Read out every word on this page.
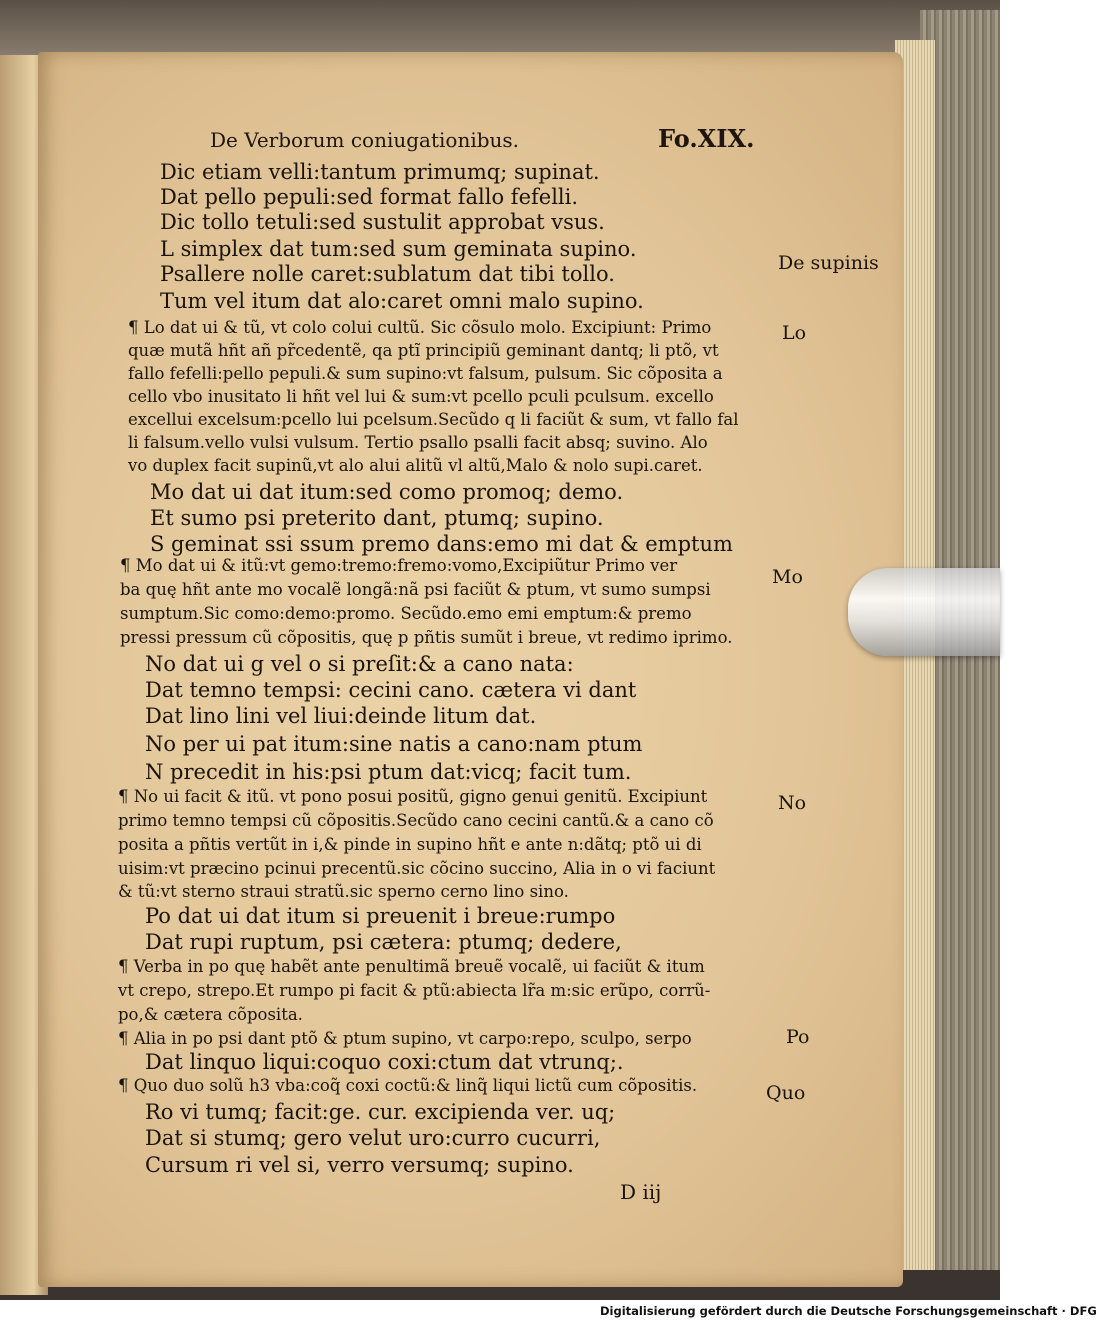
De Verborum coniugationibus.	Fo.XIX.
Dic etiam velli:tantum primumq; supinat.
Dat pello pepuli:sed format fallo fefelli.
Dic tollo tetuli:sed sustulit approbat vsus.
L simplex dat tum:sed sum geminata supino.
Psallere nolle caret:sublatum dat tibi tollo.
Tum vel itum dat alo:caret omni malo supino.
¶ Lo dat ui & tũ, vt colo colui cultũ. Sic cõsulo molo. Excipiunt: Primo
quæ mutã hñt añ pr̃cedentẽ, qa ptĩ principiũ geminant dantq; li ptõ, vt
fallo fefelli:pello pepuli.& sum supino:vt falsum, pulsum. Sic cõposita a
cello vbo inusitato li hñt vel lui & sum:vt pcello pculi pculsum. excello
excellui excelsum:pcello lui pcelsum.Secũdo q li faciũt & sum, vt fallo fal
li falsum.vello vulsi vulsum. Tertio psallo psalli facit absq; suvino. Alo
vo duplex facit supinũ,vt alo alui alitũ vl altũ,Malo & nolo supi.caret.
Mo dat ui dat itum:sed como promoq; demo.
Et sumo psi preterito dant, ptumq; supino.
S geminat ssi ssum premo dans:emo mi dat & emptum
¶ Mo dat ui & itũ:vt gemo:tremo:fremo:vomo,Excipiũtur Primo ver
ba quę hñt ante mo vocalẽ longã:nã psi faciũt & ptum, vt sumo sumpsi
sumptum.Sic como:demo:promo. Secũdo.emo emi emptum:& premo
pressi pressum cũ cõpositis, quę p pñtis sumũt i breue, vt redimo iprimo.
No dat ui g vel o si preſit:& a cano nata:
Dat temno tempsi: cecini cano. cætera vi dant
Dat lino lini vel liui:deinde litum dat.
No per ui pat itum:sine natis a cano:nam ptum
N precedit in his:psi ptum dat:vicq; facit tum.
¶ No ui facit & itũ. vt pono posui positũ, gigno genui genitũ. Excipiunt
primo temno tempsi cũ cõpositis.Secũdo cano cecini cantũ.& a cano cõ
posita a pñtis vertũt in i,& pinde in supino hñt e ante n:dãtq; ptõ ui di
uisim:vt præcino pcinui precentũ.sic cõcino succino, Alia in o vi faciunt
& tũ:vt sterno straui stratũ.sic sperno cerno lino sino.
Po dat ui dat itum si preuenit i breue:rumpo
Dat rupi ruptum, psi cætera: ptumq; dedere,
¶ Verba in po quę habẽt ante penultimã breuẽ vocalẽ, ui faciũt & itum
vt crepo, strepo.Et rumpo pi facit & ptũ:abiecta lr̃a m:sic erũpo, corrũ-
po,& cætera cõposita.
¶ Alia in po psi dant ptõ & ptum supino, vt carpo:repo, sculpo, serpo
Dat linquo liqui:coquo coxi:ctum dat vtrunq;.
¶ Quo duo solũ h3 vba:coq̃ coxi coctũ:& linq̃ liqui lictũ cum cõpositis.
Ro vi tumq; facit:ge. cur. excipienda ver. uq;
Dat si stumq; gero velut uro:curro cucurri,
Cursum ri vel si, verro versumq; supino.
De supinis
Lo
Mo
No
Po
Quo
D iij
Digitalisierung gefördert durch die Deutsche Forschungsgemeinschaft · DFG
